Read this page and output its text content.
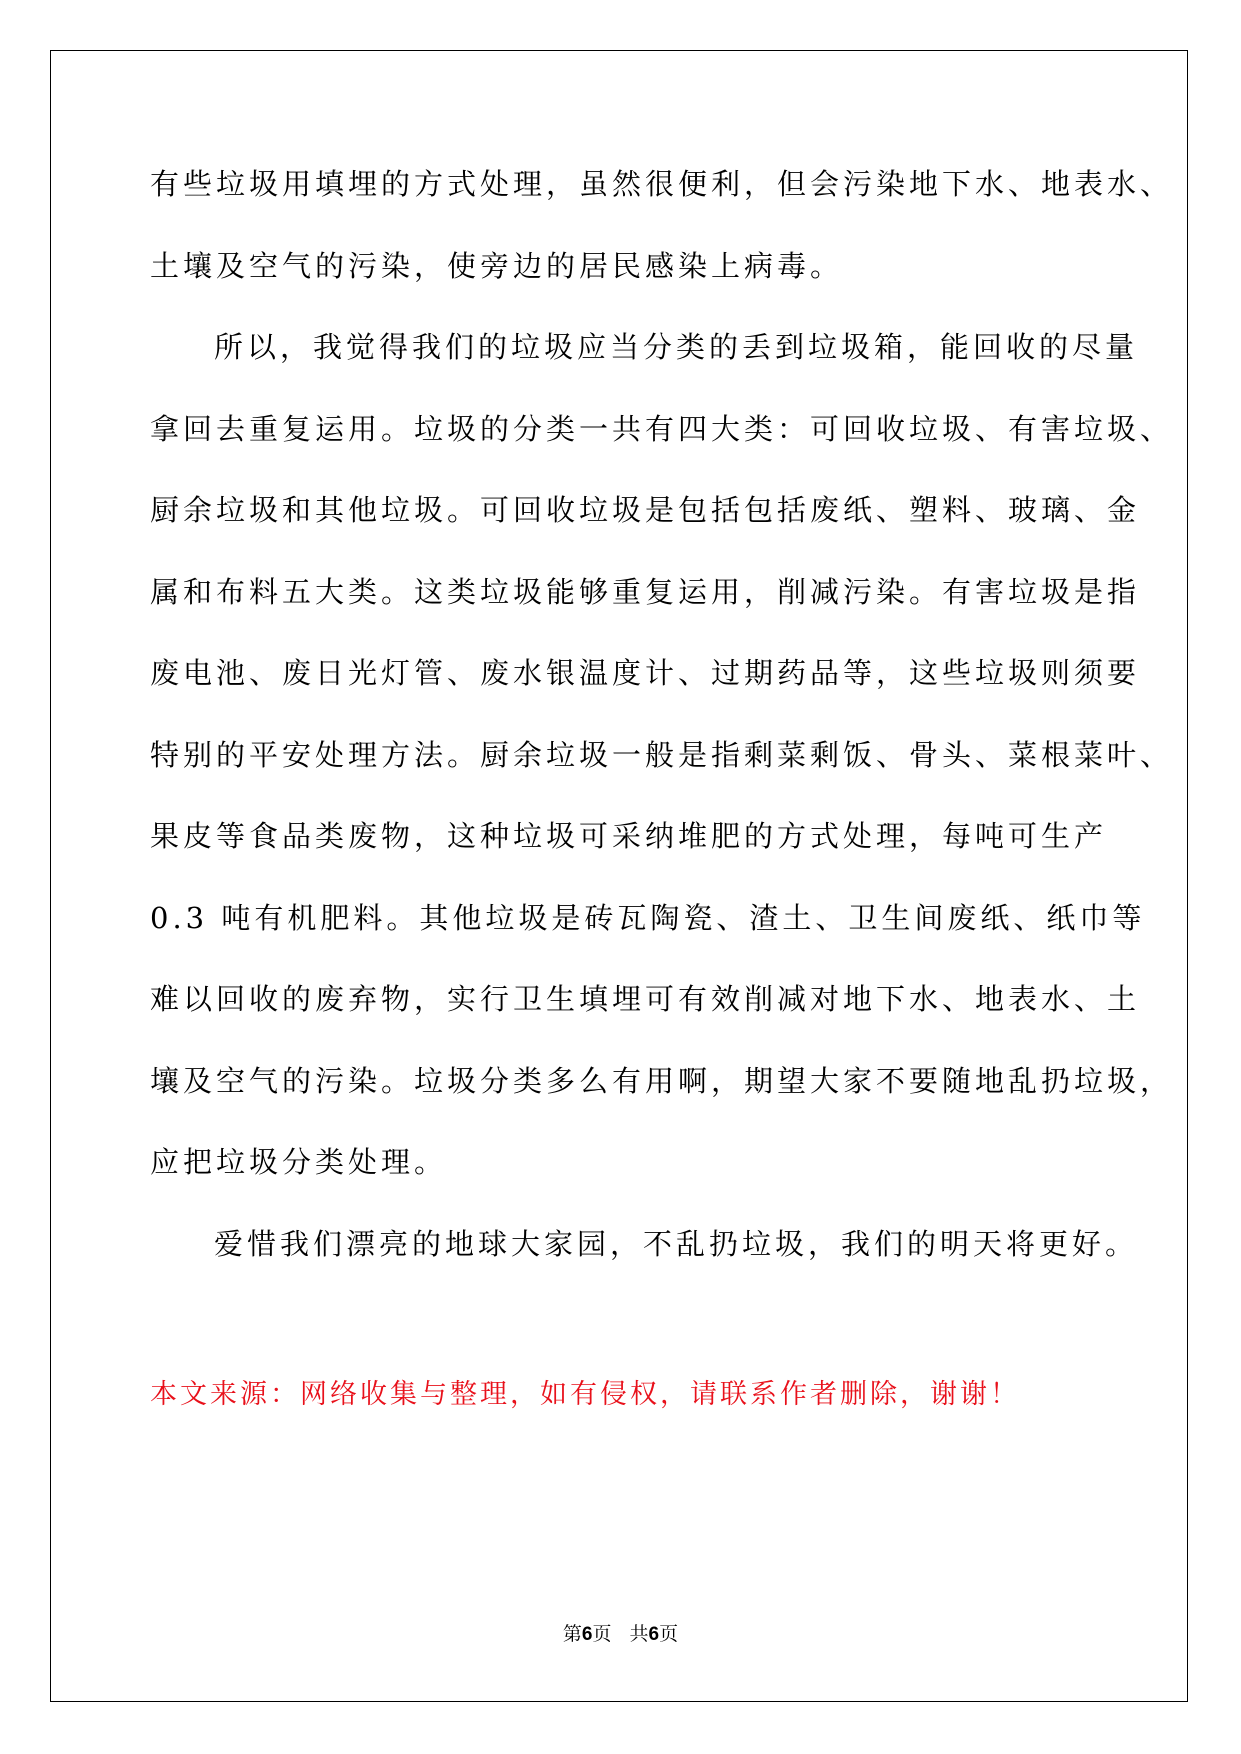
有些垃圾用填埋的方式处理，虽然很便利，但会污染地下水、地表水、
土壤及空气的污染，使旁边的居民感染上病毒。

所以，我觉得我们的垃圾应当分类的丢到垃圾箱，能回收的尽量
拿回去重复运用。垃圾的分类一共有四大类：可回收垃圾、有害垃圾、
厨余垃圾和其他垃圾。可回收垃圾是包括包括废纸、塑料、玻璃、金
属和布料五大类。这类垃圾能够重复运用，削减污染。有害垃圾是指
废电池、废日光灯管、废水银温度计、过期药品等，这些垃圾则须要
特别的平安处理方法。厨余垃圾一般是指剩菜剩饭、骨头、菜根菜叶、
果皮等食品类废物，这种垃圾可采纳堆肥的方式处理，每吨可生产
0.3 吨有机肥料。其他垃圾是砖瓦陶瓷、渣土、卫生间废纸、纸巾等
难以回收的废弃物，实行卫生填埋可有效削减对地下水、地表水、土
壤及空气的污染。垃圾分类多么有用啊，期望大家不要随地乱扔垃圾，
应把垃圾分类处理。

爱惜我们漂亮的地球大家园，不乱扔垃圾，我们的明天将更好。

本文来源：网络收集与整理，如有侵权，请联系作者删除，谢谢！
第6页 共6页
